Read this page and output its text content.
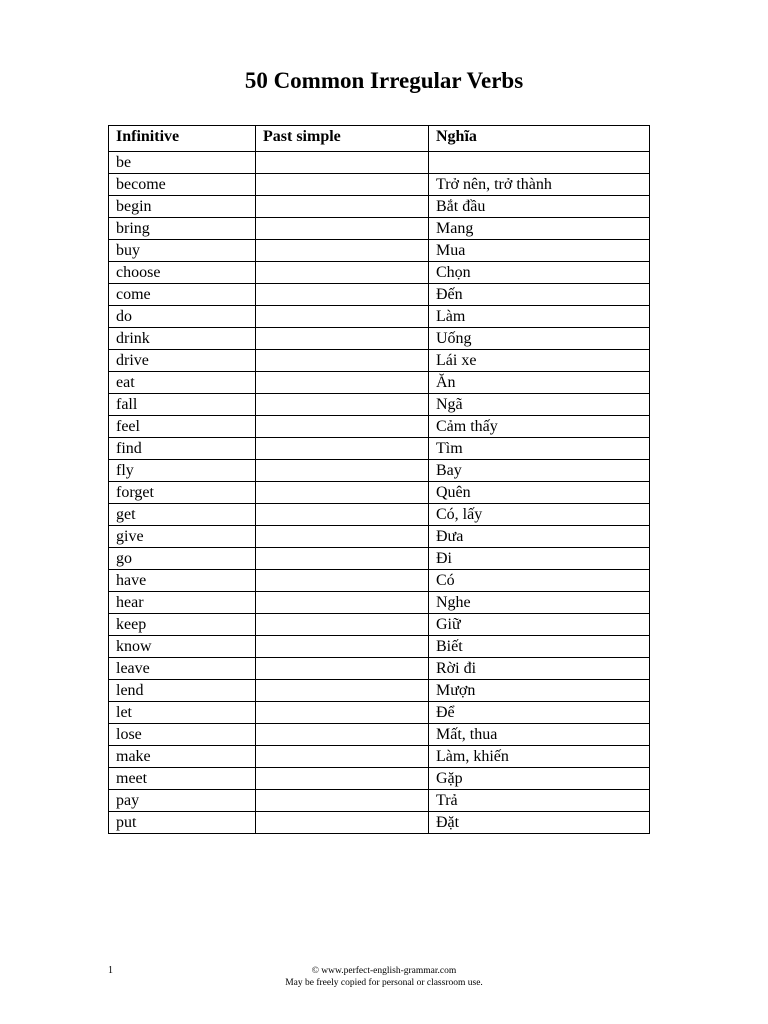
50 Common Irregular Verbs
Infinitive	Past simple	Nghĩa
be		
become		Trở nên, trở thành
begin		Bắt đầu
bring		Mang
buy		Mua
choose		Chọn
come		Đến
do		Làm
drink		Uống
drive		Lái xe
eat		Ăn
fall		Ngã
feel		Cảm thấy
find		Tìm
fly		Bay
forget		Quên
get		Có, lấy
give		Đưa
go		Đi
have		Có
hear		Nghe
keep		Giữ
know		Biết
leave		Rời đi
lend		Mượn
let		Để
lose		Mất, thua
make		Làm, khiến
meet		Gặp
pay		Trả
put		Đặt
1	© www.perfect-english-grammar.com
May be freely copied for personal or classroom use.
